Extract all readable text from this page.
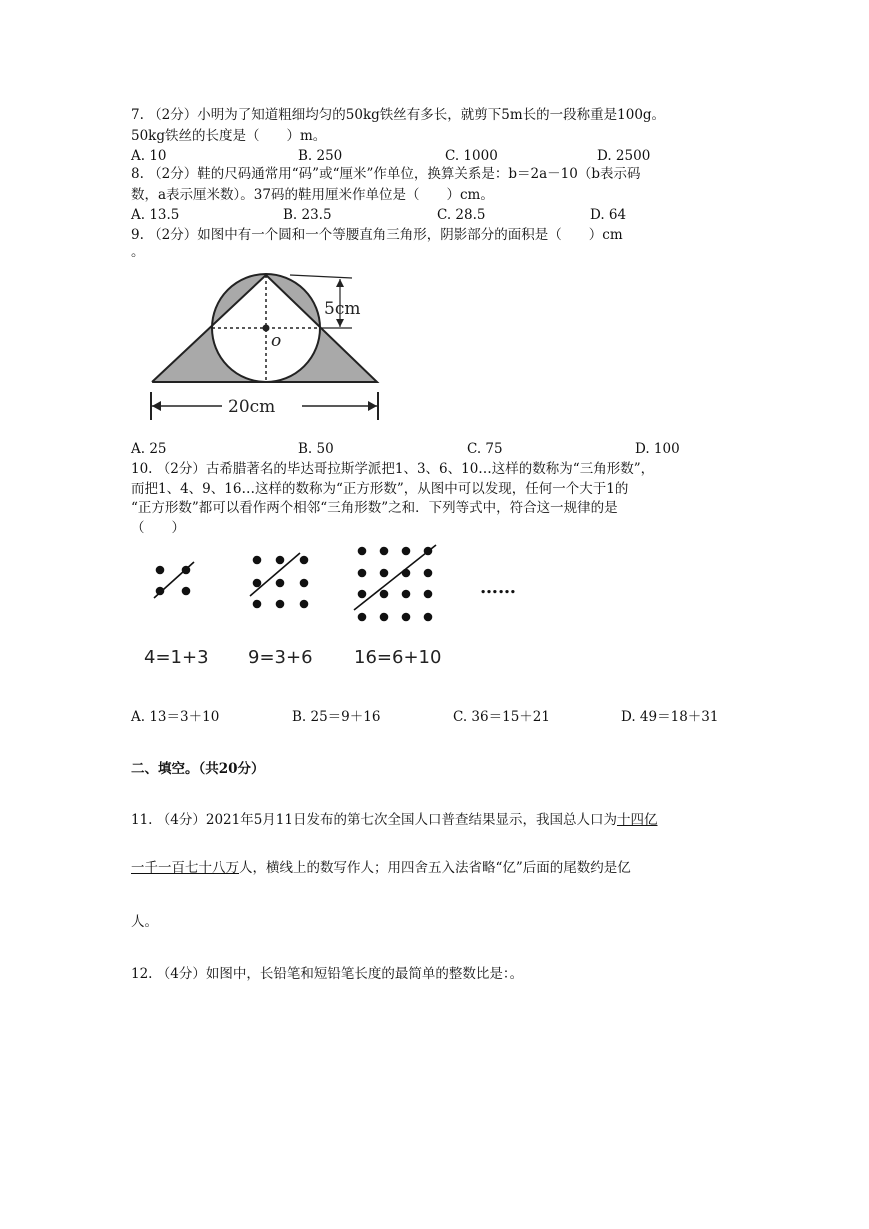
7. （2分）小明为了知道粗细均匀的50kg铁丝有多长，就剪下5m长的一段称重是100g。
50kg铁丝的长度是（　　）m。
A. 10	B. 250	C. 1000	D. 2500
8. （2分）鞋的尺码通常用“码”或“厘米”作单位，换算关系是：b＝2a－10（b表示码
数，a表示厘米数）。37码的鞋用厘米作单位是（　　）cm。
A. 13.5	B. 23.5	C. 28.5	D. 64
9. （2分）如图中有一个圆和一个等腰直角三角形，阴影部分的面积是（　　）cm
。
o
5cm
20cm
A. 25	B. 50	C. 75	D. 100
10. （2分）古希腊著名的毕达哥拉斯学派把1、3、6、10…这样的数称为“三角形数”，
而把1、4、9、16…这样的数称为“正方形数”，从图中可以发现，任何一个大于1的
“正方形数”都可以看作两个相邻“三角形数”之和．下列等式中，符合这一规律的是
（　　）
……
4=1+3 9=3+6 16=6+10
A. 13＝3＋10	B. 25＝9＋16	C. 36＝15＋21	D. 49＝18＋31
二、填空。（共20分）
11. （4分）2021年5月11日发布的第七次全国人口普查结果显示，我国总人口为十四亿
一千一百七十八万人，横线上的数写作人；用四舍五入法省略“亿”后面的尾数约是亿
人。
12. （4分）如图中，长铅笔和短铅笔长度的最简单的整数比是：。
